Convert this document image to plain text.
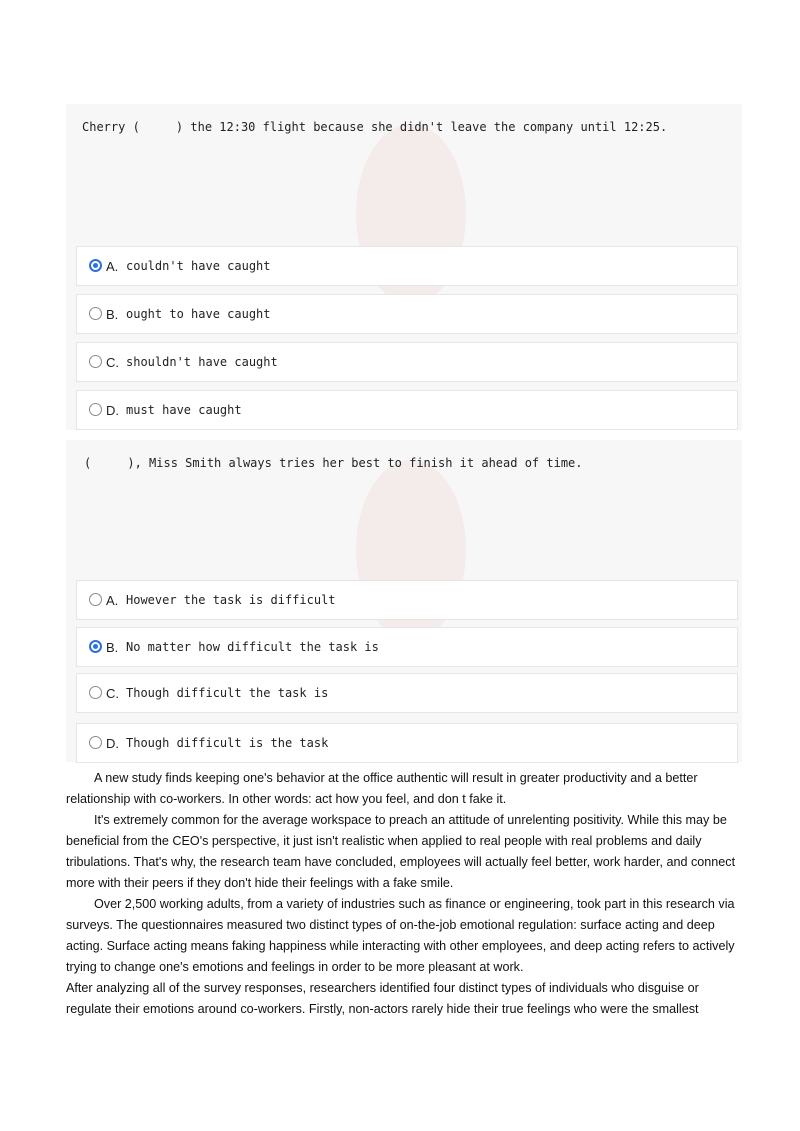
Cherry (     ) the 12:30 flight because she didn't leave the company until 12:25.
A. couldn't have caught
B. ought to have caught
C. shouldn't have caught
D. must have caught
(     ), Miss Smith always tries her best to finish it ahead of time.
A. However the task is difficult
B. No matter how difficult the task is
C. Though difficult the task is
D. Though difficult is the task

A new study finds keeping one's behavior at the office authentic will result in greater productivity and a better relationship with co-workers. In other words: act how you feel, and don t fake it.

It's extremely common for the average workspace to preach an attitude of unrelenting positivity. While this may be beneficial from the CEO's perspective, it just isn't realistic when applied to real people with real problems and daily tribulations. That's why, the research team have concluded, employees will actually feel better, work harder, and connect more with their peers if they don't hide their feelings with a fake smile.

Over 2,500 working adults, from a variety of industries such as finance or engineering, took part in this research via surveys. The questionnaires measured two distinct types of on-the-job emotional regulation: surface acting and deep acting. Surface acting means faking happiness while interacting with other employees, and deep acting refers to actively trying to change one's emotions and feelings in order to be more pleasant at work.

After analyzing all of the survey responses, researchers identified four distinct types of individuals who disguise or regulate their emotions around co-workers. Firstly, non-actors rarely hide their true feelings who were the smallest
